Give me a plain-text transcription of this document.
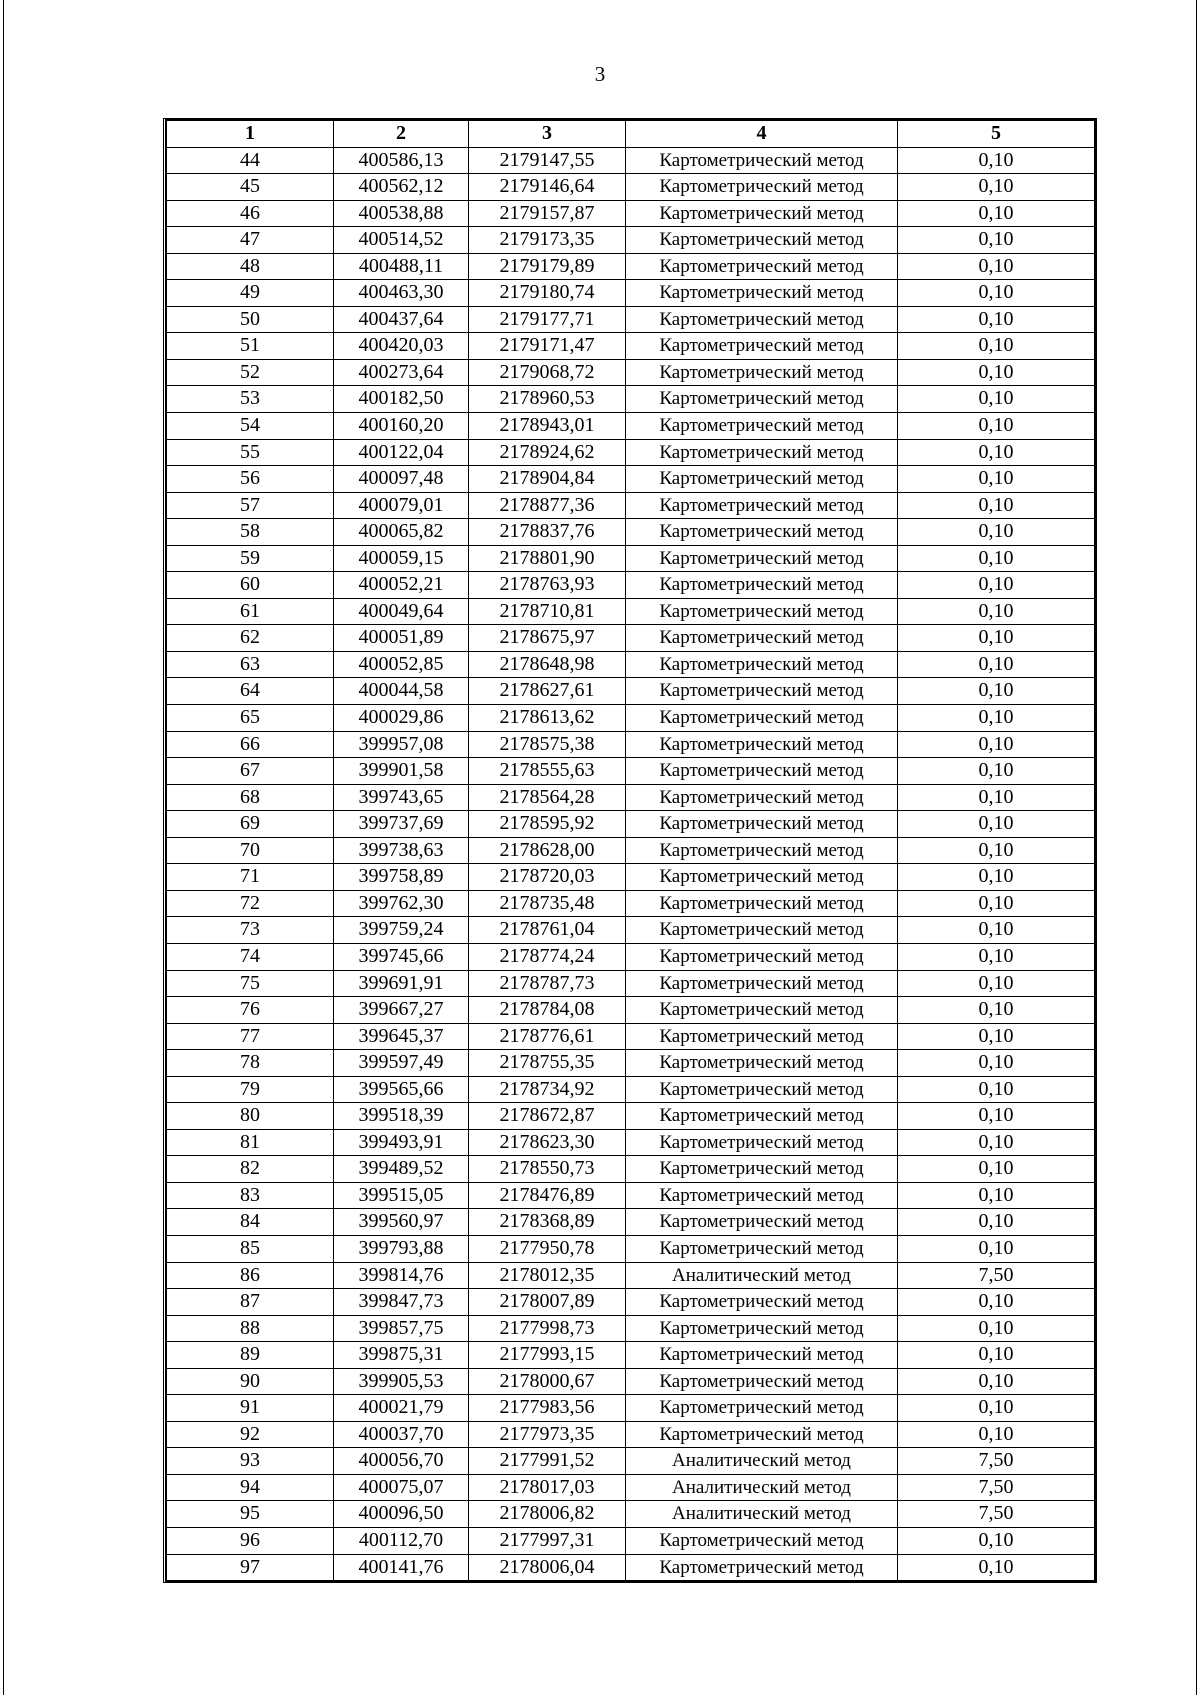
3
1	2	3	4	5
44	400586,13	2179147,55	Картометрический метод	0,10
45	400562,12	2179146,64	Картометрический метод	0,10
46	400538,88	2179157,87	Картометрический метод	0,10
47	400514,52	2179173,35	Картометрический метод	0,10
48	400488,11	2179179,89	Картометрический метод	0,10
49	400463,30	2179180,74	Картометрический метод	0,10
50	400437,64	2179177,71	Картометрический метод	0,10
51	400420,03	2179171,47	Картометрический метод	0,10
52	400273,64	2179068,72	Картометрический метод	0,10
53	400182,50	2178960,53	Картометрический метод	0,10
54	400160,20	2178943,01	Картометрический метод	0,10
55	400122,04	2178924,62	Картометрический метод	0,10
56	400097,48	2178904,84	Картометрический метод	0,10
57	400079,01	2178877,36	Картометрический метод	0,10
58	400065,82	2178837,76	Картометрический метод	0,10
59	400059,15	2178801,90	Картометрический метод	0,10
60	400052,21	2178763,93	Картометрический метод	0,10
61	400049,64	2178710,81	Картометрический метод	0,10
62	400051,89	2178675,97	Картометрический метод	0,10
63	400052,85	2178648,98	Картометрический метод	0,10
64	400044,58	2178627,61	Картометрический метод	0,10
65	400029,86	2178613,62	Картометрический метод	0,10
66	399957,08	2178575,38	Картометрический метод	0,10
67	399901,58	2178555,63	Картометрический метод	0,10
68	399743,65	2178564,28	Картометрический метод	0,10
69	399737,69	2178595,92	Картометрический метод	0,10
70	399738,63	2178628,00	Картометрический метод	0,10
71	399758,89	2178720,03	Картометрический метод	0,10
72	399762,30	2178735,48	Картометрический метод	0,10
73	399759,24	2178761,04	Картометрический метод	0,10
74	399745,66	2178774,24	Картометрический метод	0,10
75	399691,91	2178787,73	Картометрический метод	0,10
76	399667,27	2178784,08	Картометрический метод	0,10
77	399645,37	2178776,61	Картометрический метод	0,10
78	399597,49	2178755,35	Картометрический метод	0,10
79	399565,66	2178734,92	Картометрический метод	0,10
80	399518,39	2178672,87	Картометрический метод	0,10
81	399493,91	2178623,30	Картометрический метод	0,10
82	399489,52	2178550,73	Картометрический метод	0,10
83	399515,05	2178476,89	Картометрический метод	0,10
84	399560,97	2178368,89	Картометрический метод	0,10
85	399793,88	2177950,78	Картометрический метод	0,10
86	399814,76	2178012,35	Аналитический метод	7,50
87	399847,73	2178007,89	Картометрический метод	0,10
88	399857,75	2177998,73	Картометрический метод	0,10
89	399875,31	2177993,15	Картометрический метод	0,10
90	399905,53	2178000,67	Картометрический метод	0,10
91	400021,79	2177983,56	Картометрический метод	0,10
92	400037,70	2177973,35	Картометрический метод	0,10
93	400056,70	2177991,52	Аналитический метод	7,50
94	400075,07	2178017,03	Аналитический метод	7,50
95	400096,50	2178006,82	Аналитический метод	7,50
96	400112,70	2177997,31	Картометрический метод	0,10
97	400141,76	2178006,04	Картометрический метод	0,10
